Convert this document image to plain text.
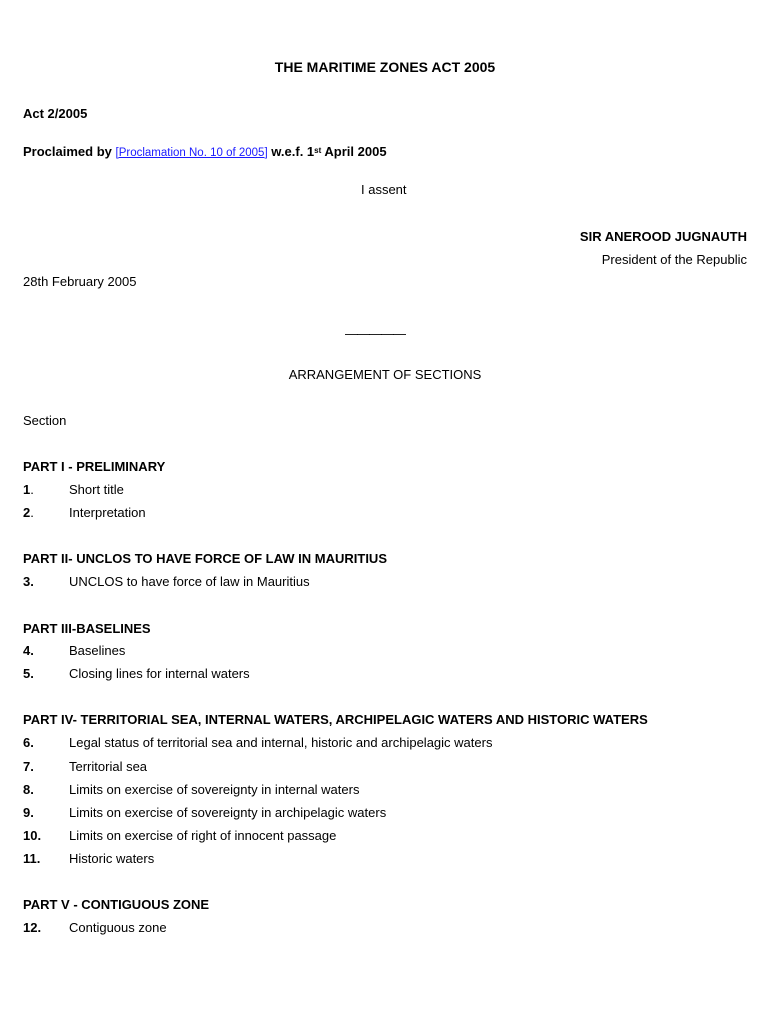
THE MARITIME ZONES ACT 2005
Act 2/2005
Proclaimed by [Proclamation No. 10 of 2005] w.e.f. 1st April 2005
I assent
SIR ANEROOD JUGNAUTH
President of the Republic
28th February 2005
—————
ARRANGEMENT OF SECTIONS
Section
PART I - PRELIMINARY
1.	Short title
2.	Interpretation
PART II- UNCLOS TO HAVE FORCE OF LAW IN MAURITIUS
3.	UNCLOS to have force of law in Mauritius
PART III-BASELINES
4.	Baselines
5.	Closing lines for internal waters
PART IV- TERRITORIAL SEA, INTERNAL WATERS, ARCHIPELAGIC WATERS AND HISTORIC WATERS
6.	Legal status of territorial sea and internal, historic and archipelagic waters
7.	Territorial sea
8.	Limits on exercise of sovereignty in internal waters
9.	Limits on exercise of sovereignty in archipelagic waters
10. Limits on exercise of right of innocent passage
11. Historic waters
PART V - CONTIGUOUS ZONE
12. Contiguous zone
